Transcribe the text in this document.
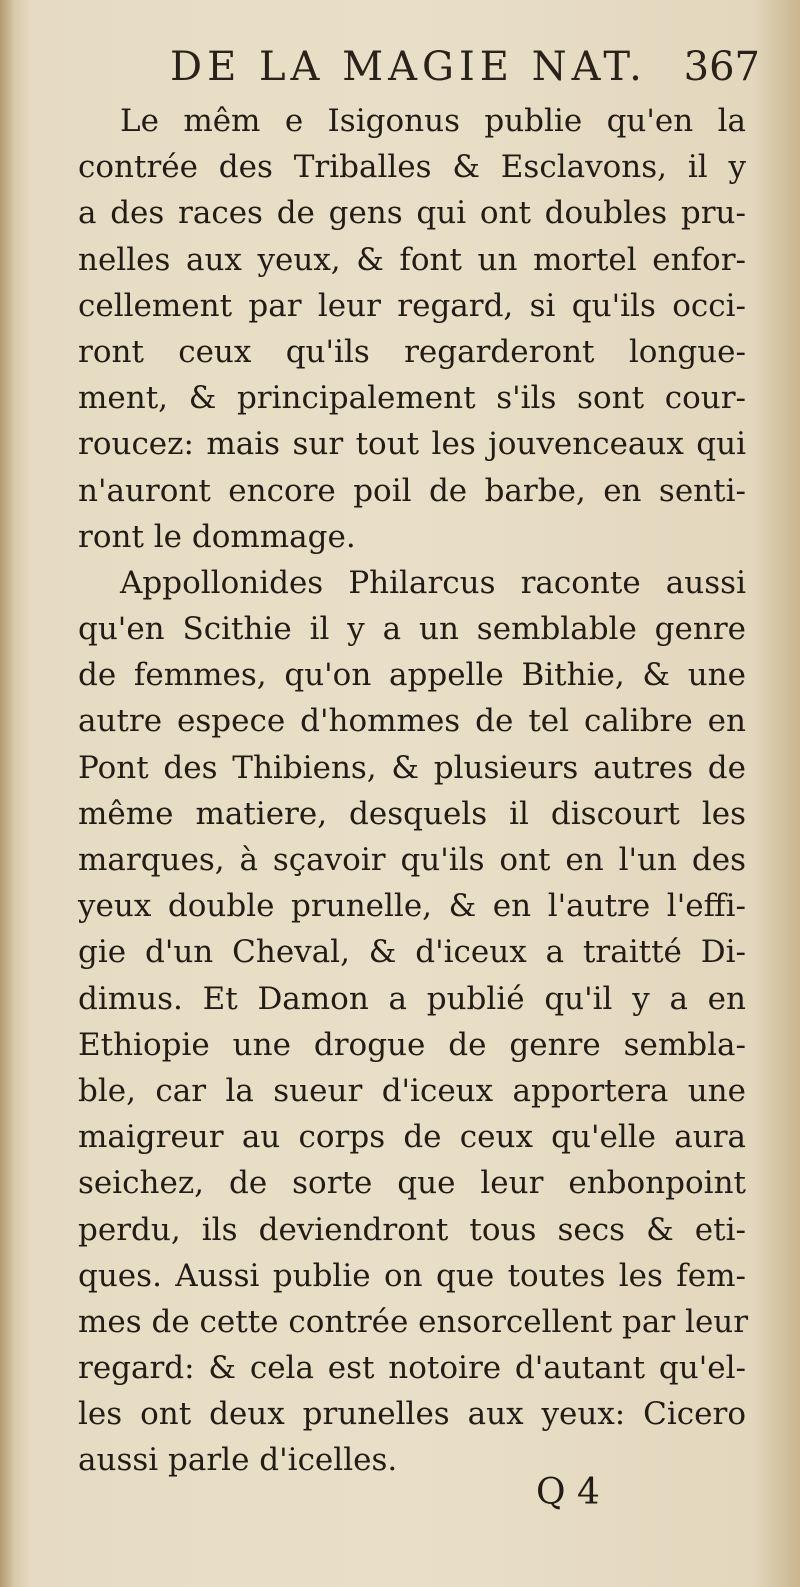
DE LA MAGIE NAT. 367
Le mêm e Isigonus publie qu'en la
contrée des Triballes & Esclavons, il y
a des races de gens qui ont doubles pru-
nelles aux yeux, & font un mortel enfor-
cellement par leur regard, si qu'ils occi-
ront ceux qu'ils regarderont longue-
ment, & principalement s'ils sont cour-
roucez: mais sur tout les jouvenceaux qui
n'auront encore poil de barbe, en senti-
ront le dommage.
Appollonides Philarcus raconte aussi
qu'en Scithie il y a un semblable genre
de femmes, qu'on appelle Bithie, & une
autre espece d'hommes de tel calibre en
Pont des Thibiens, & plusieurs autres de
même matiere, desquels il discourt les
marques, à sçavoir qu'ils ont en l'un des
yeux double prunelle, & en l'autre l'effi-
gie d'un Cheval, & d'iceux a traitté Di-
dimus. Et Damon a publié qu'il y a en
Ethiopie une drogue de genre sembla-
ble, car la sueur d'iceux apportera une
maigreur au corps de ceux qu'elle aura
seichez, de sorte que leur enbonpoint
perdu, ils deviendront tous secs & eti-
ques. Aussi publie on que toutes les fem-
mes de cette contrée ensorcellent par leur
regard: & cela est notoire d'autant qu'el-
les ont deux prunelles aux yeux: Cicero
aussi parle d'icelles.
Q 4
